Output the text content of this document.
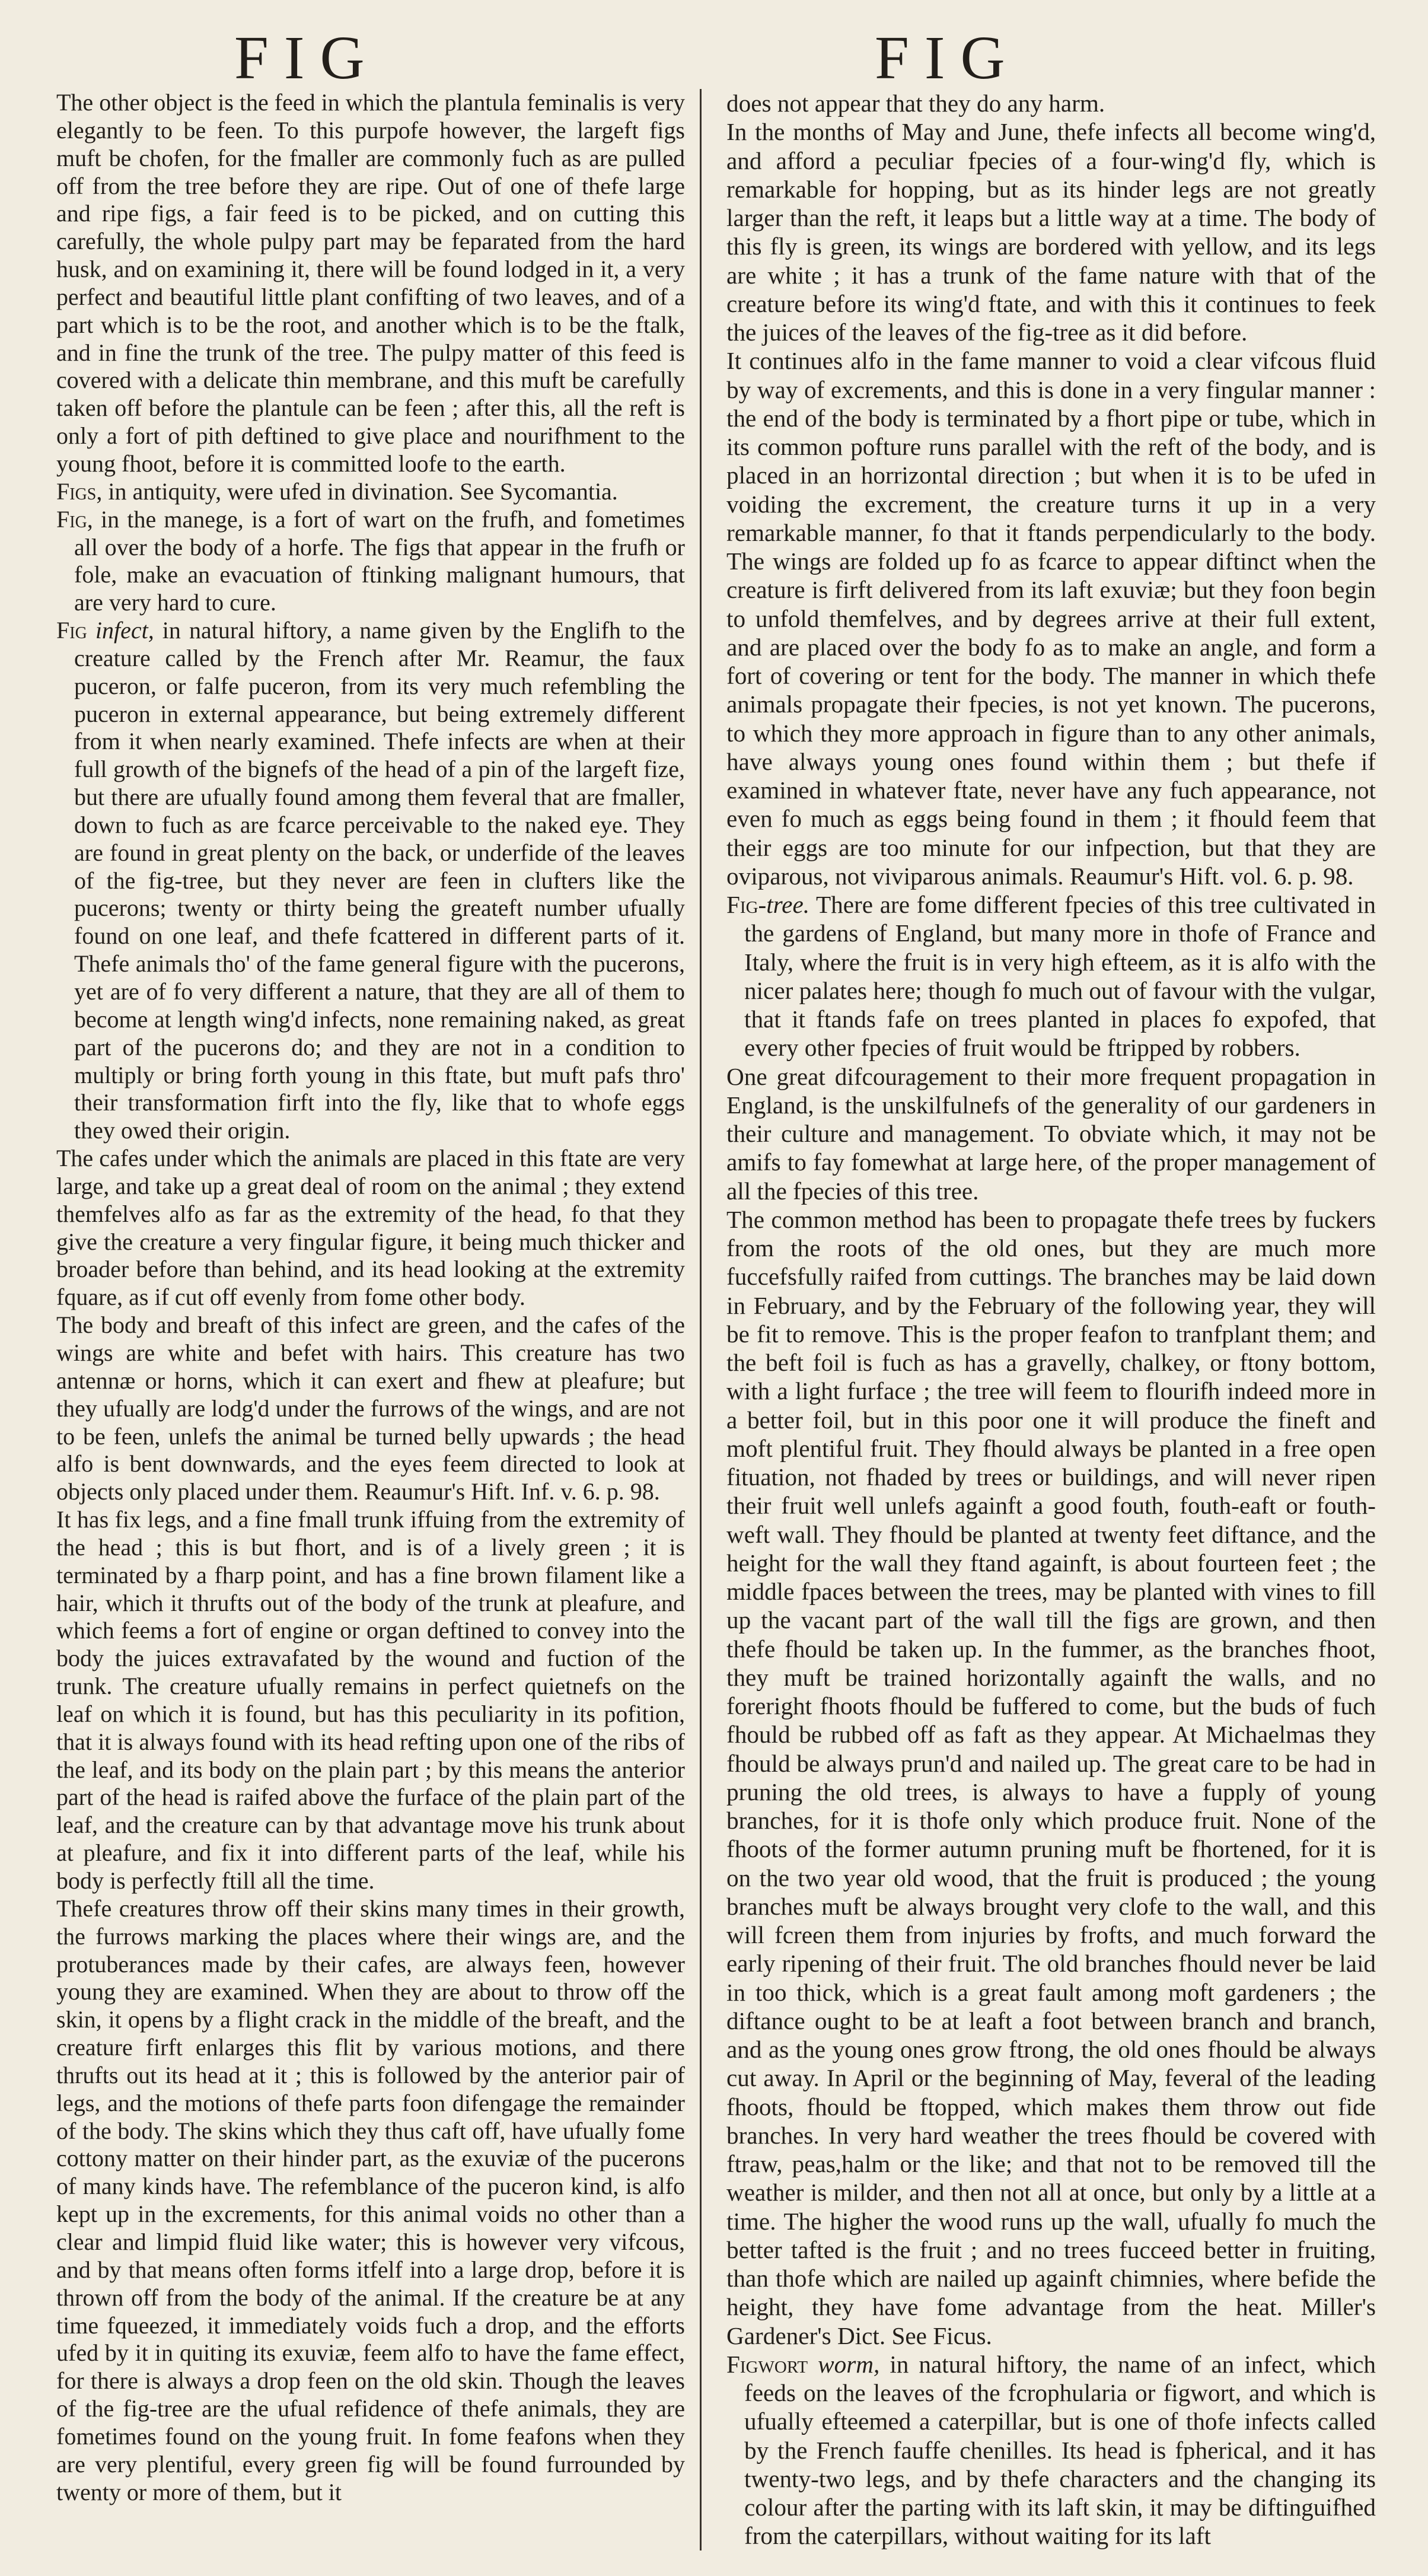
FIG	FIG

The other object is the feed in which the plantula feminalis is very elegantly to be feen. To this purpofe however, the largeft figs muft be chofen, for the fmaller are commonly fuch as are pulled off from the tree before they are ripe. Out of one of thefe large and ripe figs, a fair feed is to be picked, and on cutting this carefully, the whole pulpy part may be feparated from the hard husk, and on examining it, there will be found lodged in it, a very perfect and beautiful little plant confifting of two leaves, and of a part which is to be the root, and another which is to be the ftalk, and in fine the trunk of the tree. The pulpy matter of this feed is covered with a delicate thin membrane, and this muft be carefully taken off before the plantule can be feen ; after this, all the reft is only a fort of pith deftined to give place and nourifhment to the young fhoot, before it is committed loofe to the earth.

Figs, in antiquity, were ufed in divination. See Sycomantia.

Fig, in the manege, is a fort of wart on the frufh, and fometimes all over the body of a horfe. The figs that appear in the frufh or fole, make an evacuation of ftinking malignant humours, that are very hard to cure.

Fig infect, in natural hiftory, a name given by the Englifh to the creature called by the French after Mr. Reamur, the faux puceron, or falfe puceron, from its very much refembling the puceron in external appearance, but being extremely different from it when nearly examined. Thefe infects are when at their full growth of the bignefs of the head of a pin of the largeft fize, but there are ufually found among them feveral that are fmaller, down to fuch as are fcarce perceivable to the naked eye. They are found in great plenty on the back, or underfide of the leaves of the fig-tree, but they never are feen in clufters like the pucerons; twenty or thirty being the greateft number ufually found on one leaf, and thefe fcattered in different parts of it. Thefe animals tho' of the fame general figure with the pucerons, yet are of fo very different a nature, that they are all of them to become at length wing'd infects, none remaining naked, as great part of the pucerons do; and they are not in a condition to multiply or bring forth young in this ftate, but muft pafs thro' their transformation firft into the fly, like that to whofe eggs they owed their origin.

The cafes under which the animals are placed in this ftate are very large, and take up a great deal of room on the animal ; they extend themfelves alfo as far as the extremity of the head, fo that they give the creature a very fingular figure, it being much thicker and broader before than behind, and its head looking at the extremity fquare, as if cut off evenly from fome other body.

The body and breaft of this infect are green, and the cafes of the wings are white and befet with hairs. This creature has two antennæ or horns, which it can exert and fhew at pleafure; but they ufually are lodg'd under the furrows of the wings, and are not to be feen, unlefs the animal be turned belly upwards ; the head alfo is bent downwards, and the eyes feem directed to look at objects only placed under them. Reaumur's Hift. Inf. v. 6. p. 98.

It has fix legs, and a fine fmall trunk iffuing from the extremity of the head ; this is but fhort, and is of a lively green ; it is terminated by a fharp point, and has a fine brown filament like a hair, which it thrufts out of the body of the trunk at pleafure, and which feems a fort of engine or organ deftined to convey into the body the juices extravafated by the wound and fuction of the trunk. The creature ufually remains in perfect quietnefs on the leaf on which it is found, but has this peculiarity in its pofition, that it is always found with its head refting upon one of the ribs of the leaf, and its body on the plain part ; by this means the anterior part of the head is raifed above the furface of the plain part of the leaf, and the creature can by that advantage move his trunk about at pleafure, and fix it into different parts of the leaf, while his body is perfectly ftill all the time.

Thefe creatures throw off their skins many times in their growth, the furrows marking the places where their wings are, and the protuberances made by their cafes, are always feen, however young they are examined. When they are about to throw off the skin, it opens by a flight crack in the middle of the breaft, and the creature firft enlarges this flit by various motions, and there thrufts out its head at it ; this is followed by the anterior pair of legs, and the motions of thefe parts foon difengage the remainder of the body. The skins which they thus caft off, have ufually fome cottony matter on their hinder part, as the exuviæ of the pucerons of many kinds have. The refemblance of the puceron kind, is alfo kept up in the excrements, for this animal voids no other than a clear and limpid fluid like water; this is however very vifcous, and by that means often forms itfelf into a large drop, before it is thrown off from the body of the animal. If the creature be at any time fqueezed, it immediately voids fuch a drop, and the efforts ufed by it in quiting its exuviæ, feem alfo to have the fame effect, for there is always a drop feen on the old skin. Though the leaves of the fig-tree are the ufual refidence of thefe animals, they are fometimes found on the young fruit. In fome feafons when they are very plentiful, every green fig will be found furrounded by twenty or more of them, but it

does not appear that they do any harm.

In the months of May and June, thefe infects all become wing'd, and afford a peculiar fpecies of a four-wing'd fly, which is remarkable for hopping, but as its hinder legs are not greatly larger than the reft, it leaps but a little way at a time. The body of this fly is green, its wings are bordered with yellow, and its legs are white ; it has a trunk of the fame nature with that of the creature before its wing'd ftate, and with this it continues to feek the juices of the leaves of the fig-tree as it did before.

It continues alfo in the fame manner to void a clear vifcous fluid by way of excrements, and this is done in a very fingular manner : the end of the body is terminated by a fhort pipe or tube, which in its common pofture runs parallel with the reft of the body, and is placed in an horrizontal direction ; but when it is to be ufed in voiding the excrement, the creature turns it up in a very remarkable manner, fo that it ftands perpendicularly to the body. The wings are folded up fo as fcarce to appear diftinct when the creature is firft delivered from its laft exuviæ; but they foon begin to unfold themfelves, and by degrees arrive at their full extent, and are placed over the body fo as to make an angle, and form a fort of covering or tent for the body. The manner in which thefe animals propagate their fpecies, is not yet known. The pucerons, to which they more approach in figure than to any other animals, have always young ones found within them ; but thefe if examined in whatever ftate, never have any fuch appearance, not even fo much as eggs being found in them ; it fhould feem that their eggs are too minute for our infpection, but that they are oviparous, not viviparous animals. Reaumur's Hift. vol. 6. p. 98.

Fig-tree. There are fome different fpecies of this tree cultivated in the gardens of England, but many more in thofe of France and Italy, where the fruit is in very high efteem, as it is alfo with the nicer palates here; though fo much out of favour with the vulgar, that it ftands fafe on trees planted in places fo expofed, that every other fpecies of fruit would be ftripped by robbers.

One great difcouragement to their more frequent propagation in England, is the unskilfulnefs of the generality of our gardeners in their culture and management. To obviate which, it may not be amifs to fay fomewhat at large here, of the proper management of all the fpecies of this tree.

The common method has been to propagate thefe trees by fuckers from the roots of the old ones, but they are much more fuccefsfully raifed from cuttings. The branches may be laid down in February, and by the February of the following year, they will be fit to remove. This is the proper feafon to tranfplant them; and the beft foil is fuch as has a gravelly, chalkey, or ftony bottom, with a light furface ; the tree will feem to flourifh indeed more in a better foil, but in this poor one it will produce the fineft and moft plentiful fruit. They fhould always be planted in a free open fituation, not fhaded by trees or buildings, and will never ripen their fruit well unlefs againft a good fouth, fouth-eaft or fouth-weft wall. They fhould be planted at twenty feet diftance, and the height for the wall they ftand againft, is about fourteen feet ; the middle fpaces between the trees, may be planted with vines to fill up the vacant part of the wall till the figs are grown, and then thefe fhould be taken up. In the fummer, as the branches fhoot, they muft be trained horizontally againft the walls, and no foreright fhoots fhould be fuffered to come, but the buds of fuch fhould be rubbed off as faft as they appear. At Michaelmas they fhould be always prun'd and nailed up. The great care to be had in pruning the old trees, is always to have a fupply of young branches, for it is thofe only which produce fruit. None of the fhoots of the former autumn pruning muft be fhortened, for it is on the two year old wood, that the fruit is produced ; the young branches muft be always brought very clofe to the wall, and this will fcreen them from injuries by frofts, and much forward the early ripening of their fruit. The old branches fhould never be laid in too thick, which is a great fault among moft gardeners ; the diftance ought to be at leaft a foot between branch and branch, and as the young ones grow ftrong, the old ones fhould be always cut away. In April or the beginning of May, feveral of the leading fhoots, fhould be ftopped, which makes them throw out fide branches. In very hard weather the trees fhould be covered with ftraw, peas,halm or the like; and that not to be removed till the weather is milder, and then not all at once, but only by a little at a time. The higher the wood runs up the wall, ufually fo much the better tafted is the fruit ; and no trees fucceed better in fruiting, than thofe which are nailed up againft chimnies, where befide the height, they have fome advantage from the heat. Miller's Gardener's Dict. See Ficus.

Figwort worm, in natural hiftory, the name of an infect, which feeds on the leaves of the fcrophularia or figwort, and which is ufually efteemed a caterpillar, but is one of thofe infects called by the French fauffe chenilles. Its head is fpherical, and it has twenty-two legs, and by thefe characters and the changing its colour after the parting with its laft skin, it may be diftinguifhed from the caterpillars, without waiting for its laft
